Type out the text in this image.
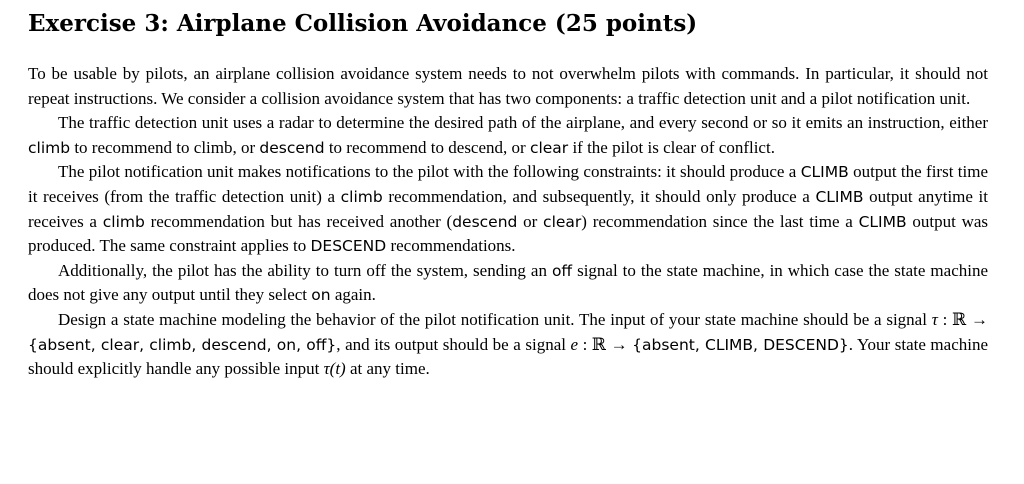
Exercise 3: Airplane Collision Avoidance (25 points)

To be usable by pilots, an airplane collision avoidance system needs to not overwhelm pilots with commands. In particular, it should not repeat instructions. We consider a collision avoidance system that has two components: a traffic detection unit and a pilot notification unit.

The traffic detection unit uses a radar to determine the desired path of the airplane, and every second or so it emits an instruction, either climb to recommend to climb, or descend to recommend to descend, or clear if the pilot is clear of conflict.

The pilot notification unit makes notifications to the pilot with the following constraints: it should produce a CLIMB output the first time it receives (from the traffic detection unit) a climb recommendation, and subsequently, it should only produce a CLIMB output anytime it receives a climb recommendation but has received another (descend or clear) recommendation since the last time a CLIMB output was produced. The same constraint applies to DESCEND recommendations.

Additionally, the pilot has the ability to turn off the system, sending an off signal to the state machine, in which case the state machine does not give any output until they select on again.

Design a state machine modeling the behavior of the pilot notification unit. The input of your state machine should be a signal τ : ℝ → {absent, clear, climb, descend, on, off}, and its output should be a signal e : ℝ → {absent, CLIMB, DESCEND}. Your state machine should explicitly handle any possible input τ(t) at any time.
